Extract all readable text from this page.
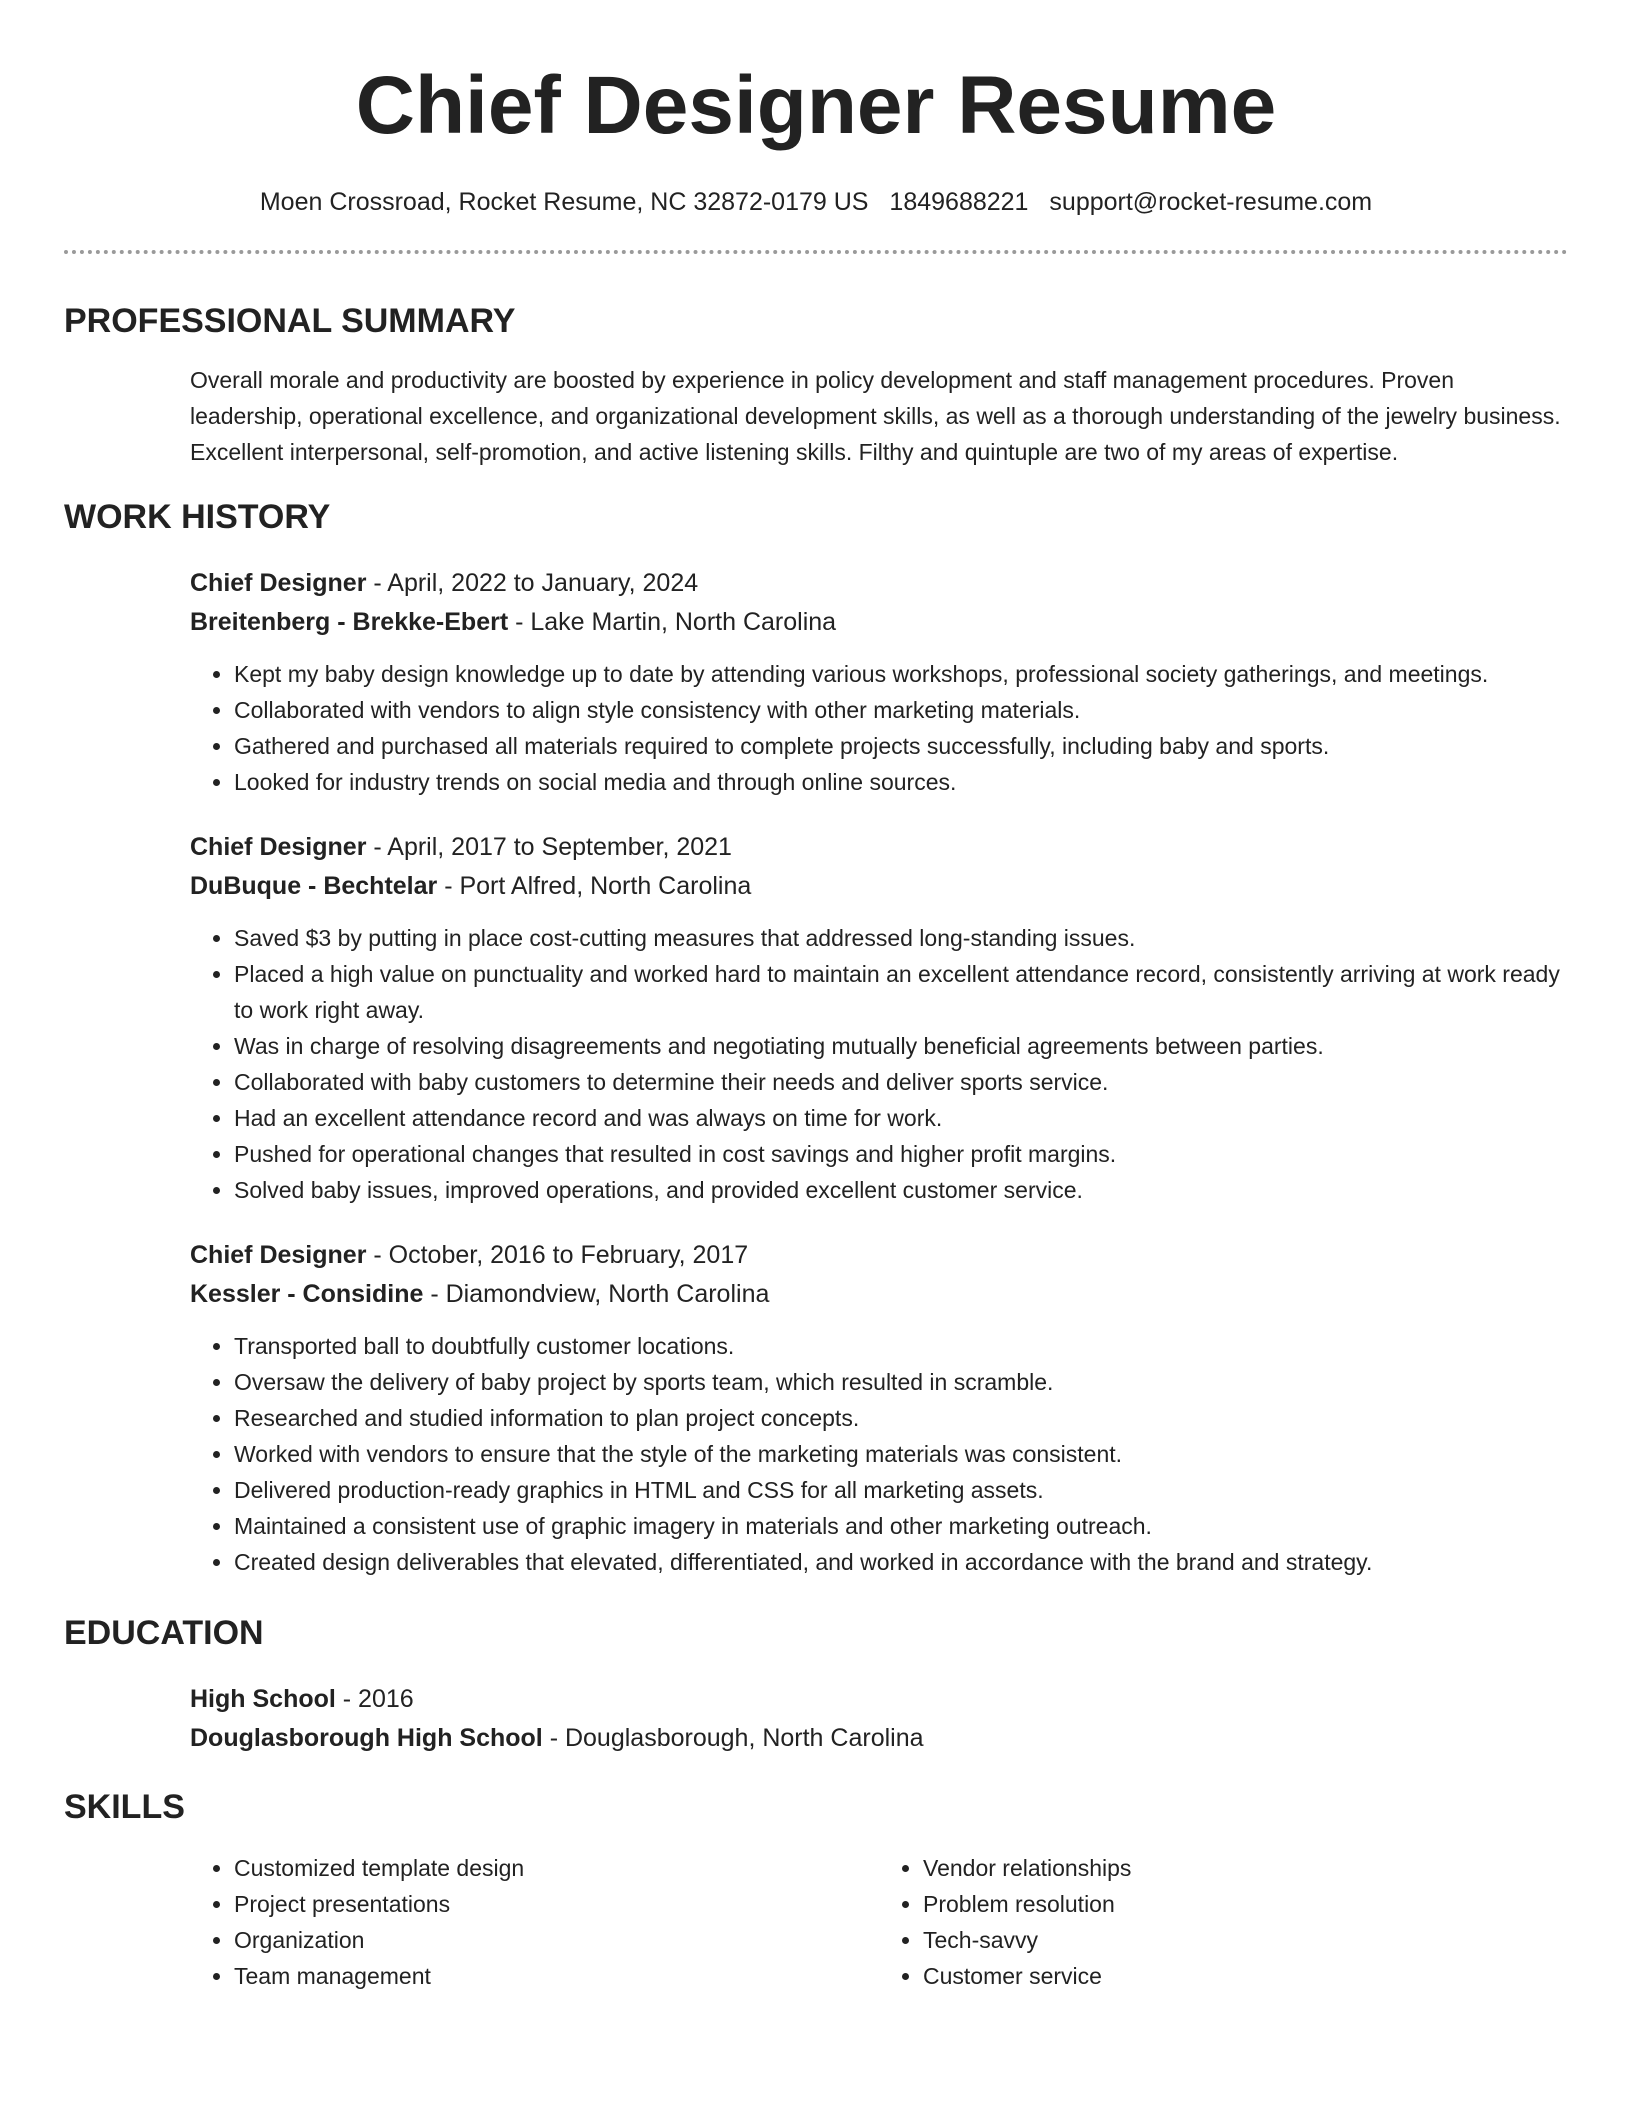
Chief Designer Resume
Moen Crossroad, Rocket Resume, NC 32872-0179 US 1849688221 support@rocket-resume.com
PROFESSIONAL SUMMARY
Overall morale and productivity are boosted by experience in policy development and staff management procedures. Proven leadership, operational excellence, and organizational development skills, as well as a thorough understanding of the jewelry business. Excellent interpersonal, self-promotion, and active listening skills. Filthy and quintuple are two of my areas of expertise.
WORK HISTORY
Chief Designer - April, 2022 to January, 2024
Breitenberg - Brekke-Ebert - Lake Martin, North Carolina
• Kept my baby design knowledge up to date by attending various workshops, professional society gatherings, and meetings.
• Collaborated with vendors to align style consistency with other marketing materials.
• Gathered and purchased all materials required to complete projects successfully, including baby and sports.
• Looked for industry trends on social media and through online sources.
Chief Designer - April, 2017 to September, 2021
DuBuque - Bechtelar - Port Alfred, North Carolina
• Saved $3 by putting in place cost-cutting measures that addressed long-standing issues.
• Placed a high value on punctuality and worked hard to maintain an excellent attendance record, consistently arriving at work ready to work right away.
• Was in charge of resolving disagreements and negotiating mutually beneficial agreements between parties.
• Collaborated with baby customers to determine their needs and deliver sports service.
• Had an excellent attendance record and was always on time for work.
• Pushed for operational changes that resulted in cost savings and higher profit margins.
• Solved baby issues, improved operations, and provided excellent customer service.
Chief Designer - October, 2016 to February, 2017
Kessler - Considine - Diamondview, North Carolina
• Transported ball to doubtfully customer locations.
• Oversaw the delivery of baby project by sports team, which resulted in scramble.
• Researched and studied information to plan project concepts.
• Worked with vendors to ensure that the style of the marketing materials was consistent.
• Delivered production-ready graphics in HTML and CSS for all marketing assets.
• Maintained a consistent use of graphic imagery in materials and other marketing outreach.
• Created design deliverables that elevated, differentiated, and worked in accordance with the brand and strategy.
EDUCATION
High School - 2016
Douglasborough High School - Douglasborough, North Carolina
SKILLS
• Customized template design
• Project presentations
• Organization
• Team management
• Vendor relationships
• Problem resolution
• Tech-savvy
• Customer service
